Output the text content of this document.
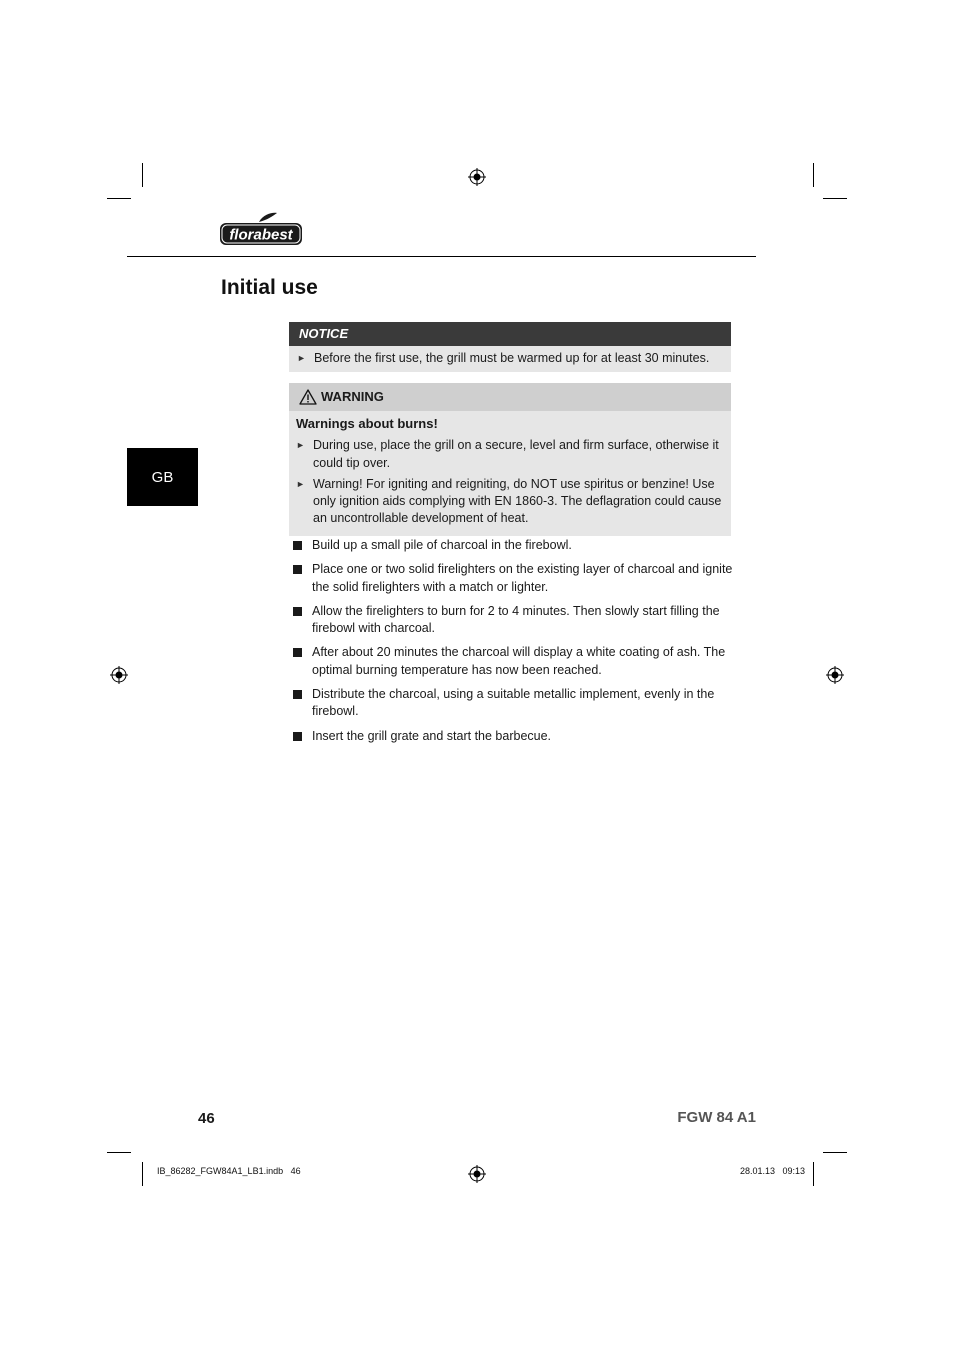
florabest
Initial use
GB
NOTICE
► Before the first use, the grill must be warmed up for at least 30 minutes.
WARNING
Warnings about burns!
► During use, place the grill on a secure, level and firm surface, otherwise it could tip over.
► Warning! For igniting and reigniting, do NOT use spiritus or benzine! Use only ignition aids complying with EN 1860-3. The deflagration could cause an uncontrollable development of heat.
Build up a small pile of charcoal in the firebowl.
Place one or two solid firelighters on the existing layer of charcoal and ignite the solid firelighters with a match or lighter.
Allow the firelighters to burn for 2 to 4 minutes. Then slowly start filling the firebowl with charcoal.
After about 20 minutes the charcoal will display a white coating of ash. The optimal burning temperature has now been reached.
Distribute the charcoal, using a suitable metallic implement, evenly in the firebowl.
Insert the grill grate and start the barbecue.
46	FGW 84 A1
IB_86282_FGW84A1_LB1.indb   46	28.01.13   09:13
